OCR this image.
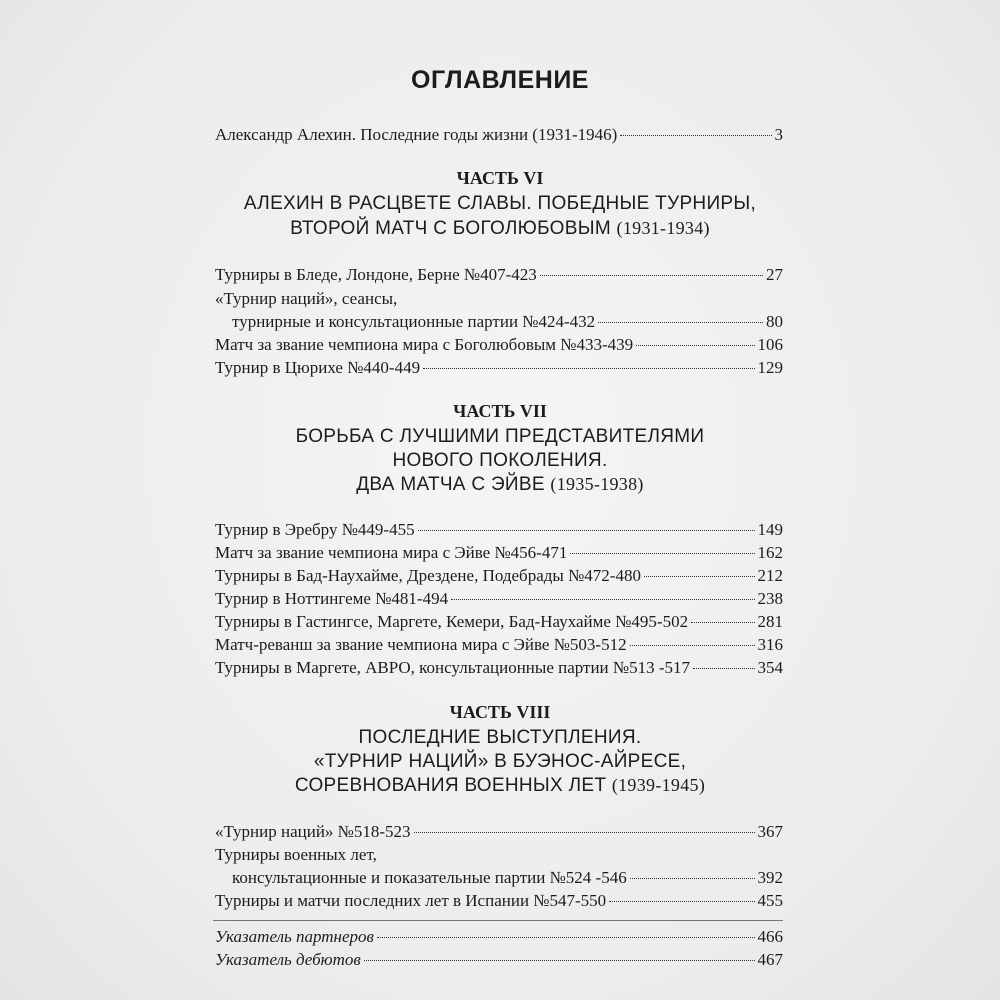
ОГЛАВЛЕНИЕ
Александр Алехин. Последние годы жизни (1931-1946)	3
ЧАСТЬ VI
АЛЕХИН В РАСЦВЕТЕ СЛАВЫ. ПОБЕДНЫЕ ТУРНИРЫ,
ВТОРОЙ МАТЧ С БОГОЛЮБОВЫМ (1931-1934)
Турниры в Бледе, Лондоне, Берне №407-423	27
«Турнир наций», сеансы,
турнирные и консультационные партии №424-432	80
Матч за звание чемпиона мира с Боголюбовым №433-439	106
Турнир в Цюрихе №440-449	129
ЧАСТЬ VII
БОРЬБА С ЛУЧШИМИ ПРЕДСТАВИТЕЛЯМИ
НОВОГО ПОКОЛЕНИЯ.
ДВА МАТЧА С ЭЙВЕ (1935-1938)
Турнир в Эребру №449-455	149
Матч за звание чемпиона мира с Эйве №456-471	162
Турниры в Бад-Наухайме, Дрездене, Подебрады №472-480	212
Турнир в Ноттингеме №481-494	238
Турниры в Гастингсе, Маргете, Кемери, Бад-Наухайме №495-502	281
Матч-реванш за звание чемпиона мира с Эйве №503-512	316
Турниры в Маргете, АВРО, консультационные партии №513 -517	354
ЧАСТЬ VIII
ПОСЛЕДНИЕ ВЫСТУПЛЕНИЯ.
«ТУРНИР НАЦИЙ» В БУЭНОС-АЙРЕСЕ,
СОРЕВНОВАНИЯ ВОЕННЫХ ЛЕТ (1939-1945)
«Турнир наций» №518-523	367
Турниры военных лет,
консультационные и показательные партии №524 -546	392
Турниры и матчи последних лет в Испании №547-550	455
Указатель партнеров	466
Указатель дебютов	467
